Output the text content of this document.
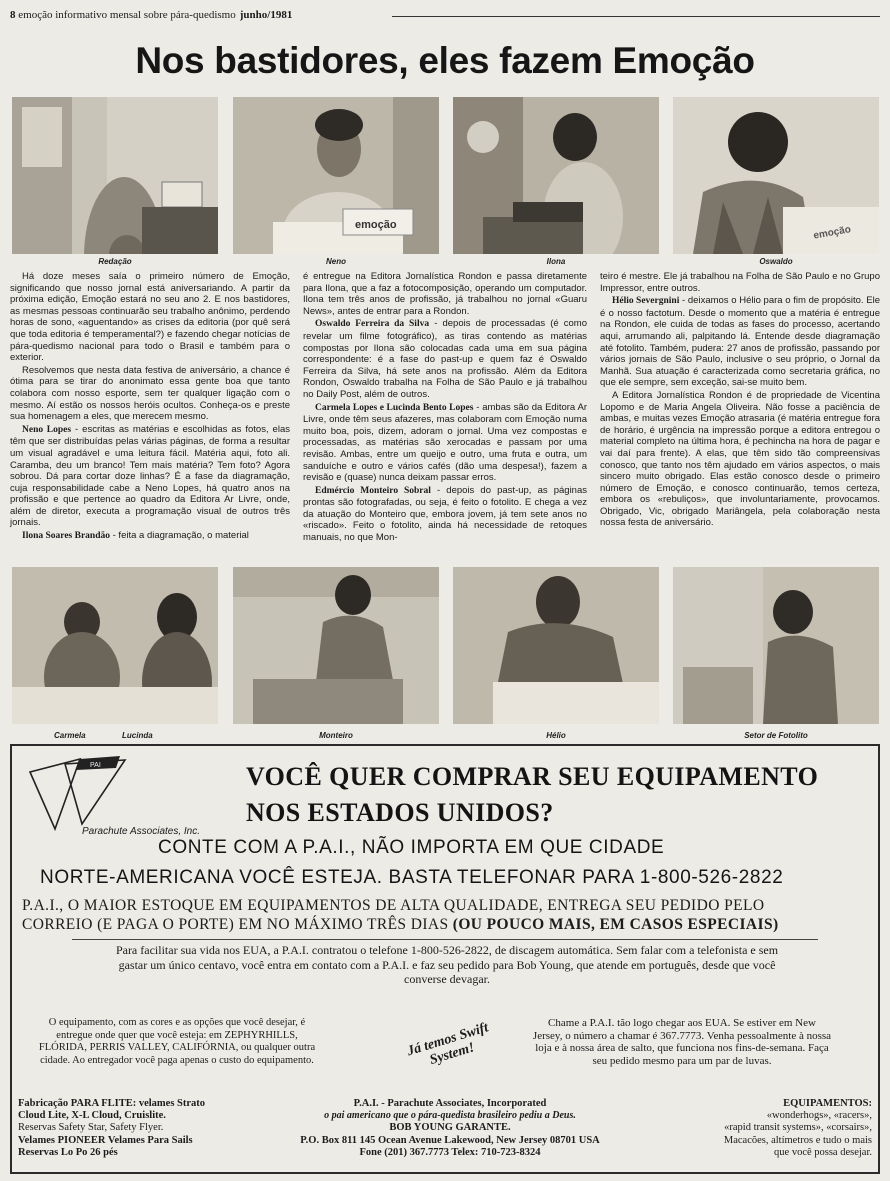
8 emoção informativo mensal sobre pára-quedismo junho/1981
Nos bastidores, eles fazem Emoção
Redação
emoção
Neno	Ilona
emoção
Oswaldo

Há doze meses saía o primeiro número de Emoção, significando que nosso jornal está aniversariando. A partir da próxima edição, Emoção estará no seu ano 2. E nos bastidores, as mesmas pessoas continuarão seu trabalho anônimo, perdendo horas de sono, «aguentando» as crises da editoria (por quê será que toda editoria é temperamental?) e fazendo chegar notícias de pára-quedismo nacional para todo o Brasil e também para o exterior.

Resolvemos que nesta data festiva de aniversário, a chance é ótima para se tirar do anonimato essa gente boa que tanto colabora com nosso esporte, sem ter qualquer ligação com o mesmo. Aí estão os nossos heróis ocultos. Conheça-os e preste sua homenagem a eles, que merecem mesmo.

Neno Lopes - escritas as matérias e escolhidas as fotos, elas têm que ser distribuídas pelas várias páginas, de forma a resultar um visual agradável e uma leitura fácil. Matéria aqui, foto ali. Caramba, deu um branco! Tem mais matéria? Tem foto? Agora sobrou. Dá para cortar doze linhas? É a fase da diagramação, cuja responsabilidade cabe a Neno Lopes, há quatro anos na profissão e que pertence ao quadro da Editora Ar Livre, onde, além de diretor, executa a programação visual de outros três jornais.

Ilona Soares Brandão - feita a diagramação, o material

é entregue na Editora Jornalística Rondon e passa diretamente para Ilona, que a faz a fotocomposição, operando um computador. Ilona tem três anos de profissão, já trabalhou no jornal «Guaru News», antes de entrar para a Rondon.

Oswaldo Ferreira da Silva - depois de processadas (é como revelar um filme fotográfico), as tiras contendo as matérias compostas por Ilona são colocadas cada uma em sua página correspondente: é a fase do past-up e quem faz é Oswaldo Ferreira da Silva, há sete anos na profissão. Além da Editora Rondon, Oswaldo trabalha na Folha de São Paulo e já trabalhou no Daily Post, além de outros.

Carmela Lopes e Lucinda Bento Lopes - ambas são da Editora Ar Livre, onde têm seus afazeres, mas colaboram com Emoção numa muito boa, pois, dizem, adoram o jornal. Uma vez compostas e processadas, as matérias são xerocadas e passam por uma revisão. Ambas, entre um queijo e outro, uma fruta e outra, um sanduíche e outro e vários cafés (dão uma despesa!), fazem a revisão e (quase) nunca deixam passar erros.

Edmércio Monteiro Sobral - depois do past-up, as páginas prontas são fotografadas, ou seja, é feito o fotolito. E chega a vez da atuação do Monteiro que, embora jovem, já tem sete anos no «riscado». Feito o fotolito, ainda há necessidade de retoques manuais, no que Mon-

teiro é mestre. Ele já trabalhou na Folha de São Paulo e no Grupo Impressor, entre outros.

Hélio Severgnini - deixamos o Hélio para o fim de propósito. Ele é o nosso factotum. Desde o momento que a matéria é entregue na Rondon, ele cuida de todas as fases do processo, acertando aqui, arrumando ali, palpitando lá. Entende desde diagramação até fotolito. Também, pudera: 27 anos de profissão, passando por vários jornais de São Paulo, inclusive o seu próprio, o Jornal da Manhã. Sua atuação é caracterizada como secretaria gráfica, no que ele sempre, sem exceção, sai-se muito bem.

A Editora Jornalística Rondon é de propriedade de Vicentina Lopomo e de Maria Angela Oliveira. Não fosse a paciência de ambas, e muitas vezes Emoção atrasaria (é matéria entregue fora de horário, é urgência na impressão porque a editora entregou o material completo na última hora, é pechincha na hora de pagar e vai daí para frente). A elas, que têm sido tão compreensivas conosco, que tanto nos têm ajudado em vários aspectos, o mais sincero muito obrigado. Elas estão conosco desde o primeiro número de Emoção, e conosco continuarão, temos certeza, embora os «rebuliços», que involuntariamente, provocamos. Obrigado, Vic, obrigado Mariângela, pela colaboração nesta nossa festa de aniversário.

Carmela	Lucinda	Monteiro	Hélio	Setor de Fotolito
PAI
Parachute Associates, Inc.
VOCÊ QUER COMPRAR SEU EQUIPAMENTO
NOS ESTADOS UNIDOS?
CONTE COM A P.A.I., NÃO IMPORTA EM QUE CIDADE
NORTE-AMERICANA VOCÊ ESTEJA. BASTA TELEFONAR PARA 1-800-526-2822
P.A.I., O MAIOR ESTOQUE EM EQUIPAMENTOS DE ALTA QUALIDADE, ENTREGA SEU PEDIDO PELO
CORREIO (E PAGA O PORTE) EM NO MÁXIMO TRÊS DIAS (OU POUCO MAIS, EM CASOS ESPECIAIS)
Para facilitar sua vida nos EUA, a P.A.I. contratou o telefone 1-800-526-2822, de discagem automática. Sem falar com a telefonista e sem gastar um único centavo, você entra em contato com a P.A.I. e faz seu pedido para Bob Young, que atende em português, desde que você converse devagar.
O equipamento, com as cores e as opções que você desejar, é entregue onde quer que você esteja: em ZEPHYRHILLS, FLÓRIDA, PERRIS VALLEY, CALIFÓRNIA, ou qualquer outra cidade. Ao entregador você paga apenas o custo do equipamento.
Já temos Swift System!
Chame a P.A.I. tão logo chegar aos EUA. Se estiver em New Jersey, o número a chamar é 367.7773. Venha pessoalmente à nossa loja e à nossa área de salto, que funciona nos fins-de-semana. Faça seu pedido mesmo para um par de luvas.
Fabricação PARA FLITE: velames Strato
Cloud Lite, X-L Cloud, Cruislite.
Reservas Safety Star, Safety Flyer.
Velames PIONEER Velames Para Sails
Reservas Lo Po 26 pés
P.A.I. - Parachute Associates, Incorporated
o pai americano que o pára-quedista brasileiro pediu a Deus.
BOB YOUNG GARANTE.
P.O. Box 811 145 Ocean Avenue Lakewood, New Jersey 08701 USA
Fone (201) 367.7773 Telex: 710-723-8324
EQUIPAMENTOS:
«wonderhogs», «racers»,
«rapid transit systems», «corsairs»,
Macacões, altímetros e tudo o mais
que você possa desejar.
